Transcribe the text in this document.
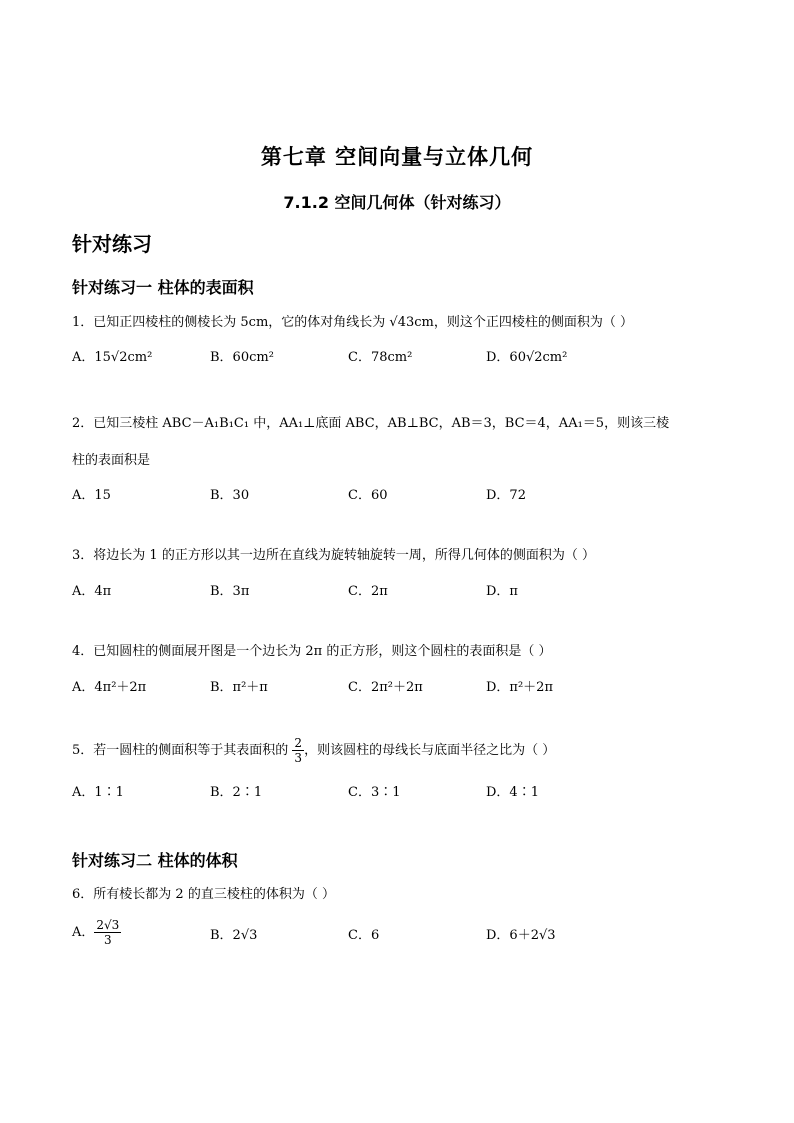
第七章 空间向量与立体几何
7.1.2 空间几何体（针对练习）
针对练习
针对练习一 柱体的表面积
1．已知正四棱柱的侧棱长为 5cm，它的体对角线长为 √43cm，则这个正四棱柱的侧面积为（ ）
A．15√2cm²	B．60cm²	C．78cm²	D．60√2cm²
2．已知三棱柱 ABC－A₁B₁C₁ 中，AA₁⊥底面 ABC，AB⊥BC，AB＝3，BC＝4，AA₁＝5，则该三棱
柱的表面积是
A．15	B．30	C．60	D．72
3．将边长为 1 的正方形以其一边所在直线为旋转轴旋转一周，所得几何体的侧面积为（ ）
A．4π	B．3π	C．2π	D．π
4．已知圆柱的侧面展开图是一个边长为 2π 的正方形，则这个圆柱的表面积是（ ）
A．4π²＋2π	B．π²＋π	C．2π²＋2π	D．π²＋2π
5．若一圆柱的侧面积等于其表面积的 $\frac{2}{3}$ ，则该圆柱的母线长与底面半径之比为（ ）
A．1∶1	B．2∶1	C．3∶1	D．4∶1
针对练习二 柱体的体积
6．所有棱长都为 2 的直三棱柱的体积为（ ）
A． $\frac{2√3}{3}$	B．2√3	C．6	D．6＋2√3
